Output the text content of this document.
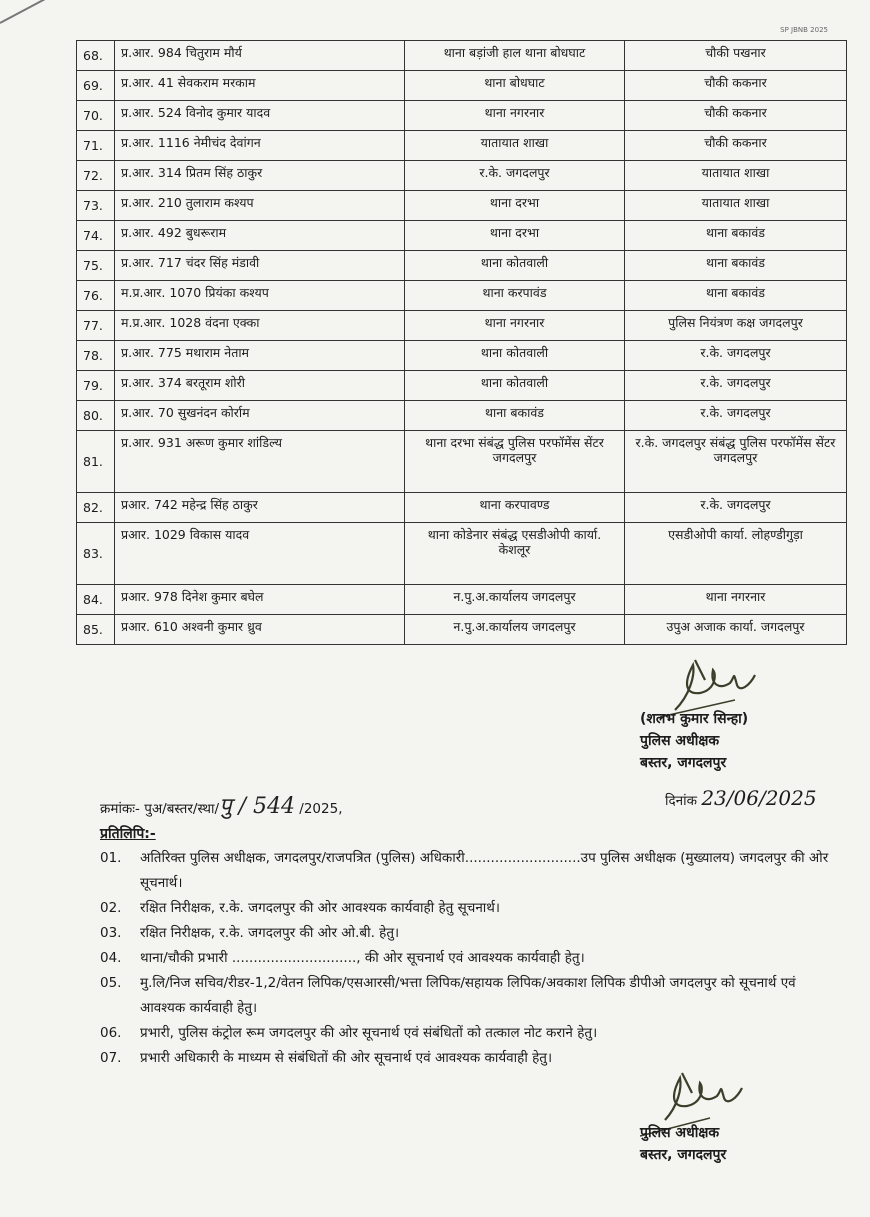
SP JBNB 2025
68.	प्र.आर. 984 चितुराम मौर्य	थाना बड़ांजी हाल थाना बोधघाट	चौकी पखनार
69.	प्र.आर. 41 सेवकराम मरकाम	थाना बोधघाट	चौकी ककनार
70.	प्र.आर. 524 विनोद कुमार यादव	थाना नगरनार	चौकी ककनार
71.	प्र.आर. 1116 नेमीचंद देवांगन	यातायात शाखा	चौकी ककनार
72.	प्र.आर. 314 प्रितम सिंह ठाकुर	र.के. जगदलपुर	यातायात शाखा
73.	प्र.आर. 210 तुलाराम कश्यप	थाना दरभा	यातायात शाखा
74.	प्र.आर. 492 बुधरूराम	थाना दरभा	थाना बकावंड
75.	प्र.आर. 717 चंदर सिंह मंडावी	थाना कोतवाली	थाना बकावंड
76.	म.प्र.आर. 1070 प्रियंका कश्यप	थाना करपावंड	थाना बकावंड
77.	म.प्र.आर. 1028 वंदना एक्का	थाना नगरनार	पुलिस नियंत्रण कक्ष जगदलपुर
78.	प्र.आर. 775 मथाराम नेताम	थाना कोतवाली	र.के. जगदलपुर
79.	प्र.आर. 374 बरतूराम शोरी	थाना कोतवाली	र.के. जगदलपुर
80.	प्र.आर. 70 सुखनंदन कोर्राम	थाना बकावंड	र.के. जगदलपुर
81.	प्र.आर. 931 अरूण कुमार शांडिल्य	थाना दरभा संबंद्ध पुलिस परफॉमेंस सेंटर जगदलपुर	र.के. जगदलपुर संबंद्ध पुलिस परफॉमेंस सेंटर जगदलपुर
82.	प्रआर. 742 महेन्द्र सिंह ठाकुर	थाना करपावण्ड	र.के. जगदलपुर
83.	प्रआर. 1029 विकास यादव	थाना कोडेनार संबंद्ध एसडीओपी कार्या. केशलूर	एसडीओपी कार्या. लोहण्डीगुड़ा
84.	प्रआर. 978 दिनेश कुमार बघेल	न.पु.अ.कार्यालय जगदलपुर	थाना नगरनार
85.	प्रआर. 610 अश्वनी कुमार ध्रुव	न.पु.अ.कार्यालय जगदलपुर	उपुअ अजाक कार्या. जगदलपुर
(शलभ कुमार सिन्हा)
पुलिस अधीक्षक
बस्तर, जगदलपुर
क्रमांकः- पुअ/बस्तर/स्था/पु / 544 /2025,	दिनांक 23/06/2025
प्रतिलिपि:-
01.	अतिरिक्त पुलिस अधीक्षक, जगदलपुर/राजपत्रित (पुलिस) अधिकारी...........................उप पुलिस अधीक्षक (मुख्यालय) जगदलपुर की ओर सूचनार्थ।
02.	रक्षित निरीक्षक, र.के. जगदलपुर की ओर आवश्यक कार्यवाही हेतु सूचनार्थ।
03.	रक्षित निरीक्षक, र.के. जगदलपुर की ओर ओ.बी. हेतु।
04.	थाना/चौकी प्रभारी ............................., की ओर सूचनार्थ एवं आवश्यक कार्यवाही हेतु।
05.	मु.लि/निज सचिव/रीडर-1,2/वेतन लिपिक/एसआरसी/भत्ता लिपिक/सहायक लिपिक/अवकाश लिपिक डीपीओ जगदलपुर को सूचनार्थ एवं आवश्यक कार्यवाही हेतु।
06.	प्रभारी, पुलिस कंट्रोल रूम जगदलपुर की ओर सूचनार्थ एवं संबंधितों को तत्काल नोट कराने हेतु।
07.	प्रभारी अधिकारी के माध्यम से संबंधितों की ओर सूचनार्थ एवं आवश्यक कार्यवाही हेतु।
पुलिस अधीक्षक
बस्तर, जगदलपुर
